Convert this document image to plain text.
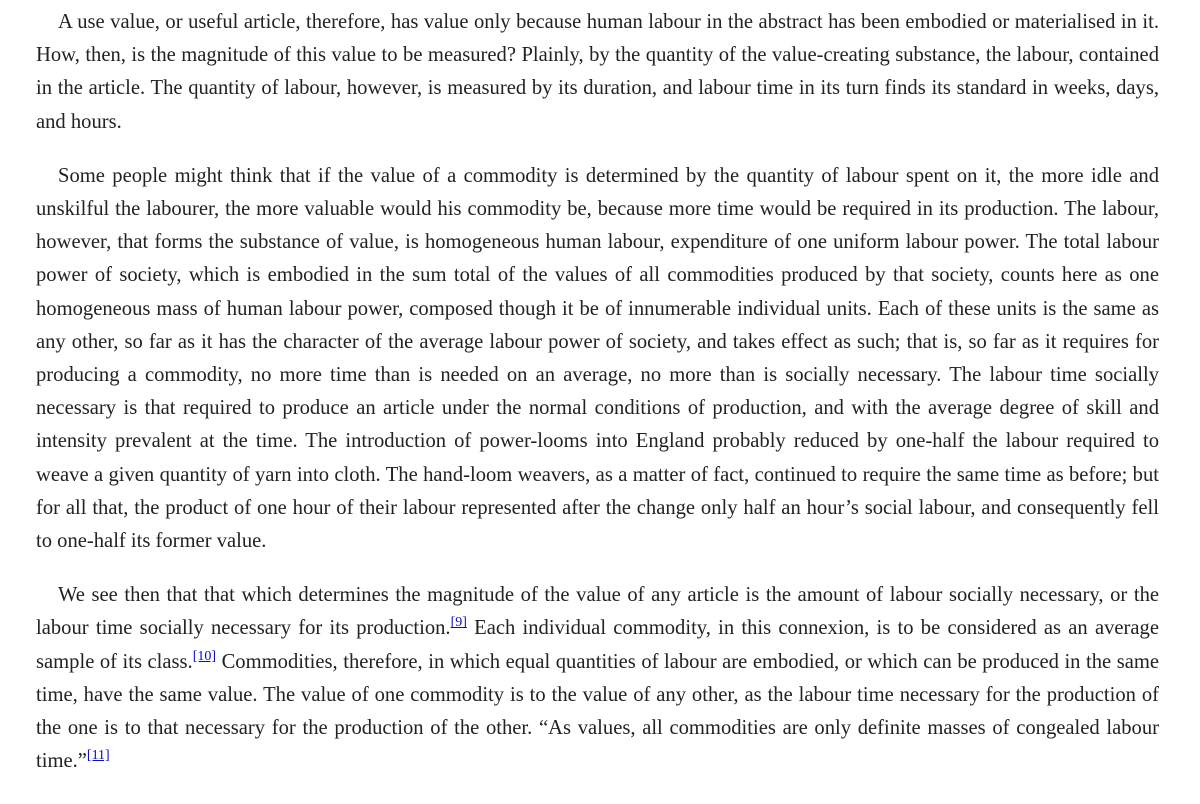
A use value, or useful article, therefore, has value only because human labour in the abstract has been embodied or materialised in it. How, then, is the magnitude of this value to be measured? Plainly, by the quantity of the value-creating substance, the labour, contained in the article. The quantity of labour, however, is measured by its duration, and labour time in its turn finds its standard in weeks, days, and hours.

Some people might think that if the value of a commodity is determined by the quantity of labour spent on it, the more idle and unskilful the labourer, the more valuable would his commodity be, because more time would be required in its production. The labour, however, that forms the substance of value, is homogeneous human labour, expenditure of one uniform labour power. The total labour power of society, which is embodied in the sum total of the values of all commodities produced by that society, counts here as one homogeneous mass of human labour power, composed though it be of innumerable individual units. Each of these units is the same as any other, so far as it has the character of the average labour power of society, and takes effect as such; that is, so far as it requires for producing a commodity, no more time than is needed on an average, no more than is socially necessary. The labour time socially necessary is that required to produce an article under the normal conditions of production, and with the average degree of skill and intensity prevalent at the time. The introduction of power-looms into England probably reduced by one-half the labour required to weave a given quantity of yarn into cloth. The hand-loom weavers, as a matter of fact, continued to require the same time as before; but for all that, the product of one hour of their labour represented after the change only half an hour’s social labour, and consequently fell to one-half its former value.

We see then that that which determines the magnitude of the value of any article is the amount of labour socially necessary, or the labour time socially necessary for its production.[9] Each individual commodity, in this connexion, is to be considered as an average sample of its class.[10] Commodities, therefore, in which equal quantities of labour are embodied, or which can be produced in the same time, have the same value. The value of one commodity is to the value of any other, as the labour time necessary for the production of the one is to that necessary for the production of the other. “As values, all commodities are only definite masses of congealed labour time.”[11]
